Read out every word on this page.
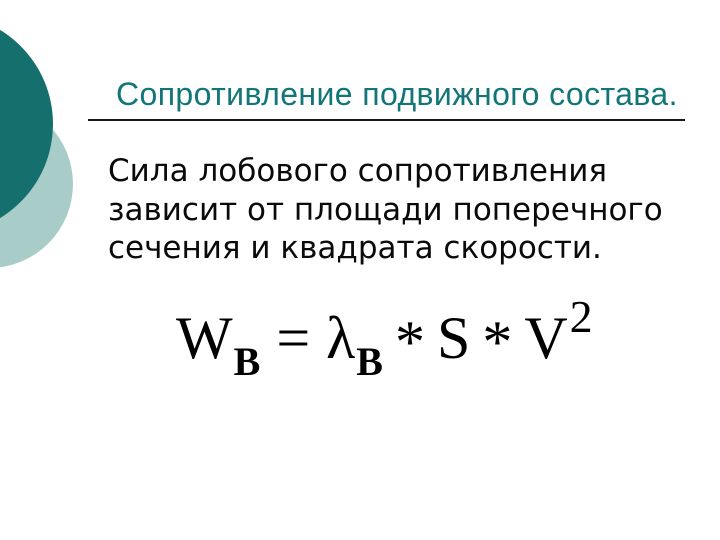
Сопротивление подвижного состава.
Сила лобового сопротивления
зависит от площади поперечного
сечения и квадрата скорости.
W В = λ В * S * V 2
